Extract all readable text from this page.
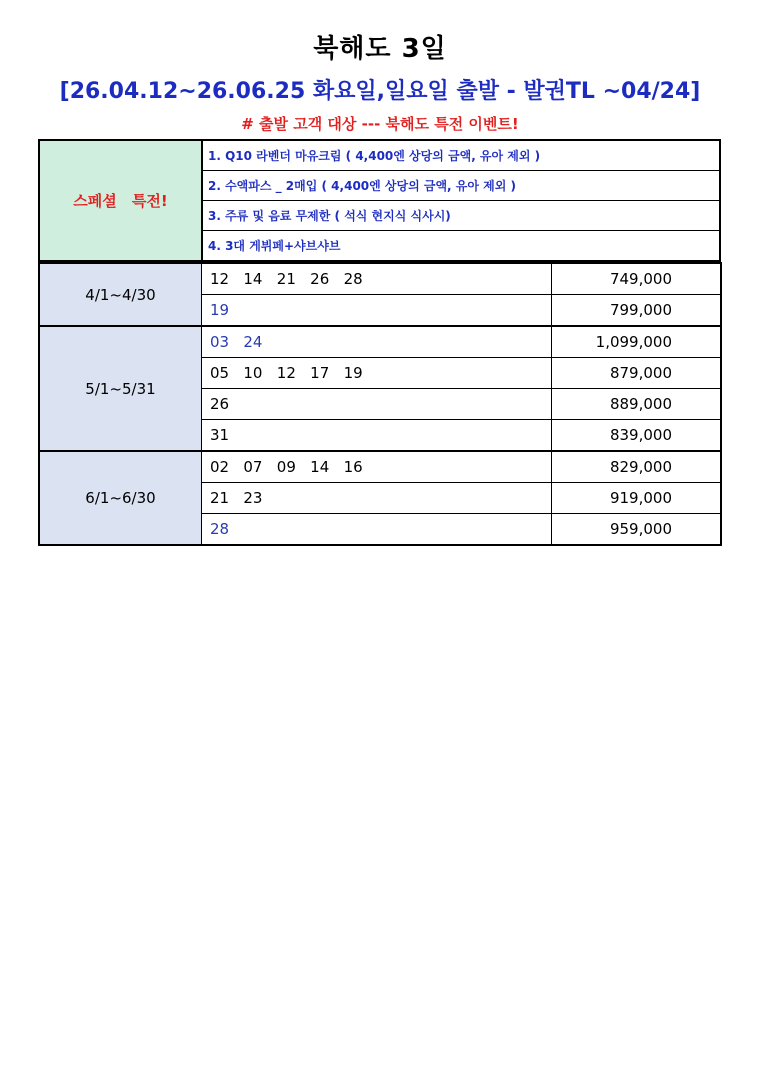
북해도 3일
[26.04.12~26.06.25 화요일,일요일 출발 - 발권TL ~04/24]
# 출발 고객 대상 --- 북해도 특전 이벤트!
스페셜 특전!	1. Q10 라벤더 마유크림 ( 4,400엔 상당의 금액, 유아 제외 )
2. 수액파스 _ 2매입 ( 4,400엔 상당의 금액, 유아 제외 )
3. 주류 및 음료 무제한 ( 석식 현지식 식사시)
4. 3대 게뷔페+샤브샤브
4/1~4/30	12   14   21   26   28	749,000
	19	799,000
5/1~5/31	03   24	1,099,000
	05   10   12   17   19	879,000
	26	889,000
	31	839,000
6/1~6/30	02   07   09   14   16	829,000
	21   23	919,000
	28	959,000
